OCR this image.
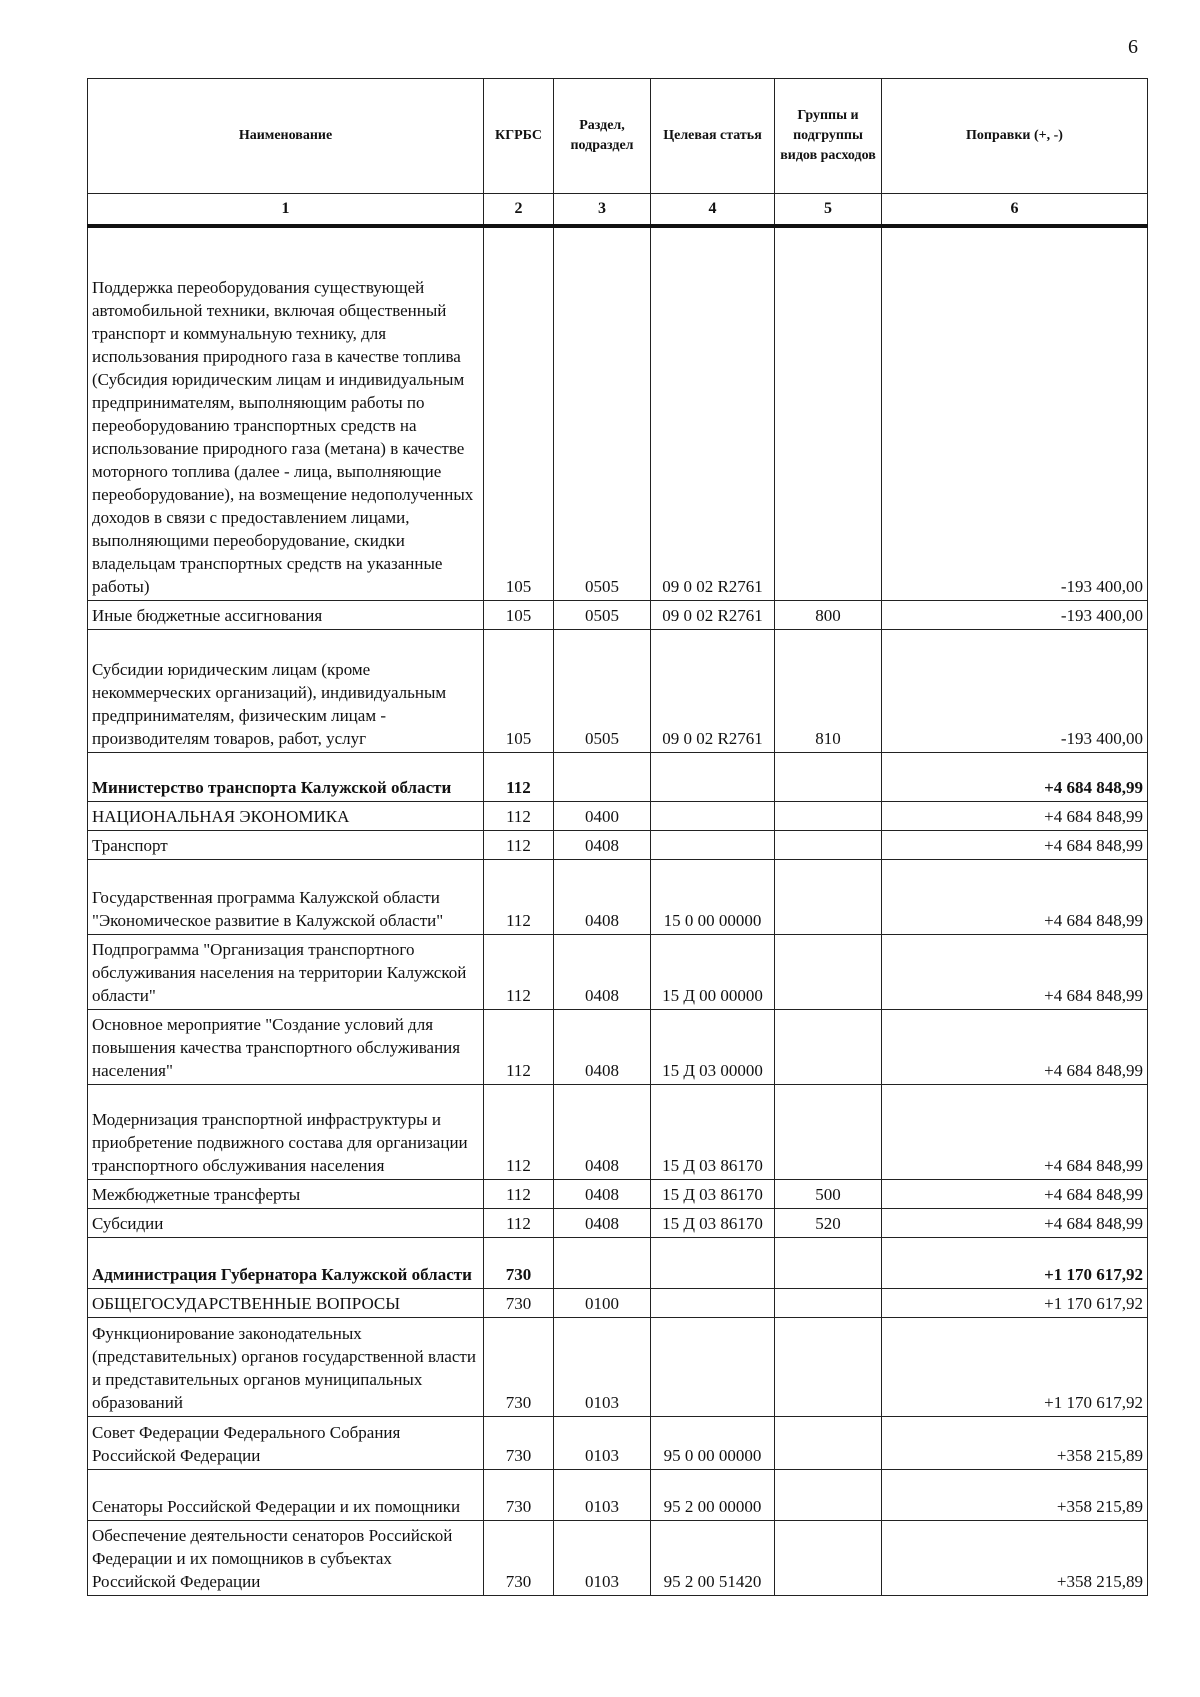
6
Наименование	КГРБС	Раздел, подраздел	Целевая статья	Группы и подгруппы видов расходов	Поправки (+, -)
1	2	3	4	5	6
Поддержка переоборудования существующей автомобильной техники, включая общественный транспорт и коммунальную технику, для использования природного газа в качестве топлива (Субсидия юридическим лицам и индивидуальным предпринимателям, выполняющим работы по переоборудованию транспортных средств на использование природного газа (метана) в качестве моторного топлива (далее - лица, выполняющие переоборудование), на возмещение недополученных доходов в связи с предоставлением лицами, выполняющими переоборудование, скидки владельцам транспортных средств на указанные работы)	105	0505	09 0 02 R2761		-193 400,00
Иные бюджетные ассигнования	105	0505	09 0 02 R2761	800	-193 400,00
Субсидии юридическим лицам (кроме некоммерческих организаций), индивидуальным предпринимателям, физическим лицам - производителям товаров, работ, услуг	105	0505	09 0 02 R2761	810	-193 400,00
Министерство транспорта Калужской области	112				+4 684 848,99
НАЦИОНАЛЬНАЯ ЭКОНОМИКА	112	0400			+4 684 848,99
Транспорт	112	0408			+4 684 848,99
Государственная программа Калужской области "Экономическое развитие в Калужской области"	112	0408	15 0 00 00000		+4 684 848,99
Подпрограмма "Организация транспортного обслуживания населения на территории Калужской области"	112	0408	15 Д 00 00000		+4 684 848,99
Основное мероприятие "Создание условий для повышения качества транспортного обслуживания населения"	112	0408	15 Д 03 00000		+4 684 848,99
Модернизация транспортной инфраструктуры и приобретение подвижного состава для организации транспортного обслуживания населения	112	0408	15 Д 03 86170		+4 684 848,99
Межбюджетные трансферты	112	0408	15 Д 03 86170	500	+4 684 848,99
Субсидии	112	0408	15 Д 03 86170	520	+4 684 848,99
Администрация Губернатора Калужской области	730				+1 170 617,92
ОБЩЕГОСУДАРСТВЕННЫЕ ВОПРОСЫ	730	0100			+1 170 617,92
Функционирование законодательных (представительных) органов государственной власти и представительных органов муниципальных образований	730	0103			+1 170 617,92
Совет Федерации Федерального Собрания Российской Федерации	730	0103	95 0 00 00000		+358 215,89
Сенаторы Российской Федерации и их помощники	730	0103	95 2 00 00000		+358 215,89
Обеспечение деятельности сенаторов Российской Федерации и их помощников в субъектах Российской Федерации	730	0103	95 2 00 51420		+358 215,89
